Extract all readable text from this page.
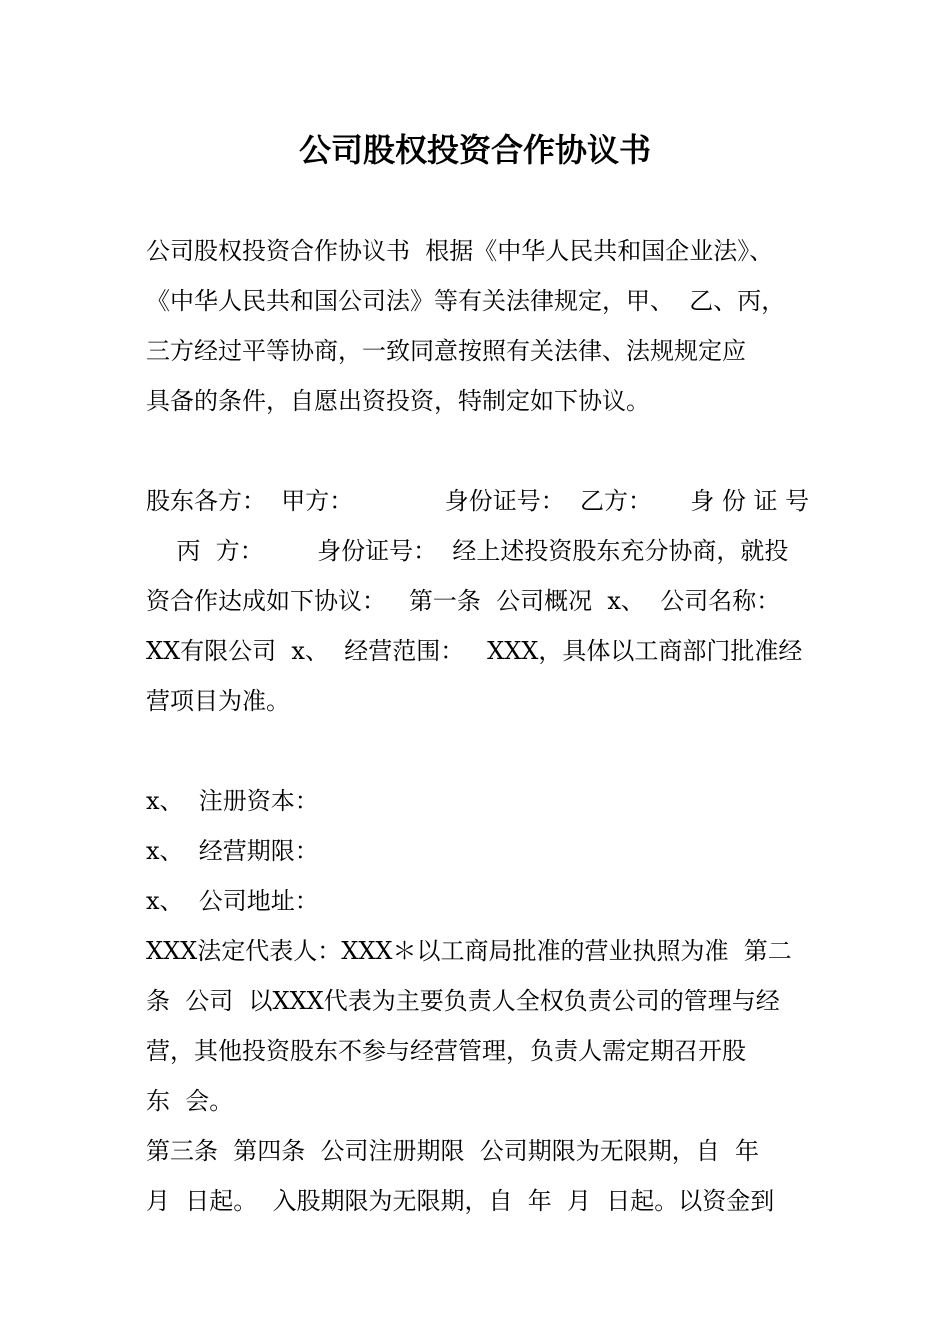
公司股权投资合作协议书
公司股权投资合作协议书  根据《中华人民共和国企业法》、
《中华人民共和国公司法》等有关法律规定，甲、  乙、丙，
三方经过平等协商，一致同意按照有关法律、法规规定应
具备的条件，自愿出资投资，特制定如下协议。
股东各方：  甲方：            身份证号：  乙方：     身 份 证 号
丙  方：       身份证号：  经上述投资股东充分协商，就投
资合作达成如下协议：   第一条  公司概况  x、  公司名称：
XX有限公司  x、  经营范围：   XXX，具体以工商部门批准经
营项目为准。
x、  注册资本：
x、  经营期限：
x、  公司地址：
XXX法定代表人：XXX＊以工商局批准的营业执照为准  第二
条  公司  以XXX代表为主要负责人全权负责公司的管理与经
营，其他投资股东不参与经营管理，负责人需定期召开股
东  会。
第三条  第四条  公司注册期限  公司期限为无限期，自  年
月  日起。  入股期限为无限期，自  年  月  日起。以资金到
